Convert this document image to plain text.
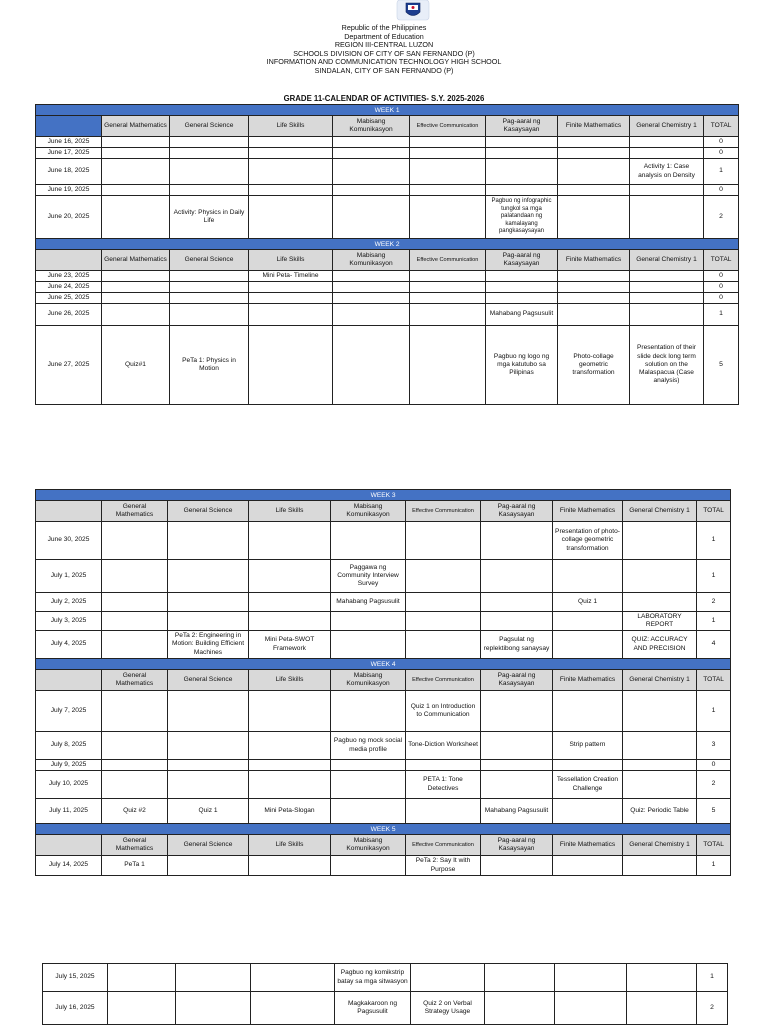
Republic of the Philippines
Department of Education
REGION III-CENTRAL LUZON
SCHOOLS DIVISION OF CITY OF SAN FERNANDO (P)
INFORMATION AND COMMUNICATION TECHNOLOGY HIGH SCHOOL
SINDALAN, CITY OF SAN FERNANDO (P)
GRADE 11-CALENDAR OF ACTIVITIES- S.Y. 2025-2026
WEEK 1									
	General Mathematics	General Science	Life Skills	Mabisang Komunikasyon	Effective Communication	Pag-aaral ng Kasaysayan	Finite Mathematics	General Chemistry 1	TOTAL
June 16, 2025									0
June 17, 2025									0
June 18, 2025								Activity 1: Case analysis on Density	1
June 19, 2025									0
June 20, 2025		Activity: Physics in Daily Life				Pagbuo ng infographic tungkol sa mga palatandaan ng kamalayang pangkasaysayan			2
WEEK 2									
	General Mathematics	General Science	Life Skills	Mabisang Komunikasyon	Effective Communication	Pag-aaral ng Kasaysayan	Finite Mathematics	General Chemistry 1	TOTAL
June 23, 2025			Mini Peta- Timeline						0
June 24, 2025									0
June 25, 2025									0
June 26, 2025						Mahabang Pagsusulit			1
June 27, 2025	Quiz#1	PeTa 1: Physics in Motion				Pagbuo ng logo ng mga katutubo sa Pilipinas	Photo-collage geometric transformation	Presentation of their slide deck long term solution on the Malaspacua (Case analysis)	5
WEEK 3									
	General Mathematics	General Science	Life Skills	Mabisang Komunikasyon	Effective Communication	Pag-aaral ng Kasaysayan	Finite Mathematics	General Chemistry 1	TOTAL
June 30, 2025							Presentation of photo-collage geometric transformation		1
July 1, 2025				Paggawa ng Community Interview Survey					1
July 2, 2025				Mahabang Pagsusulit			Quiz 1		2
July 3, 2025								LABORATORY REPORT	1
July 4, 2025		PeTa 2: Engineering in Motion: Building Efficient Machines	Mini Peta-SWOT Framework			Pagsulat ng replektibong sanaysay		QUIZ: ACCURACY AND PRECISION	4
WEEK 4									
	General Mathematics	General Science	Life Skills	Mabisang Komunikasyon	Effective Communication	Pag-aaral ng Kasaysayan	Finite Mathematics	General Chemistry 1	TOTAL
July 7, 2025					Quiz 1 on Introduction to Communication				1
July 8, 2025				Pagbuo ng mock social media profile	Tone-Diction Worksheet		Strip pattern		3
July 9, 2025									0
July 10, 2025					PETA 1: Tone Detectives		Tessellation Creation Challenge		2
July 11, 2025	Quiz #2	Quiz 1	Mini Peta-Slogan			Mahabang Pagsusulit		Quiz: Periodic Table	5
WEEK 5									
	General Mathematics	General Science	Life Skills	Mabisang Komunikasyon	Effective Communication	Pag-aaral ng Kasaysayan	Finite Mathematics	General Chemistry 1	TOTAL
July 14, 2025	PeTa 1				PeTa 2: Say It with Purpose				1
July 15, 2025				Pagbuo ng komikstrip batay sa mga sitwasyon					1
July 16, 2025				Magkakaroon ng Pagsusulit	Quiz 2 on Verbal Strategy Usage				2
